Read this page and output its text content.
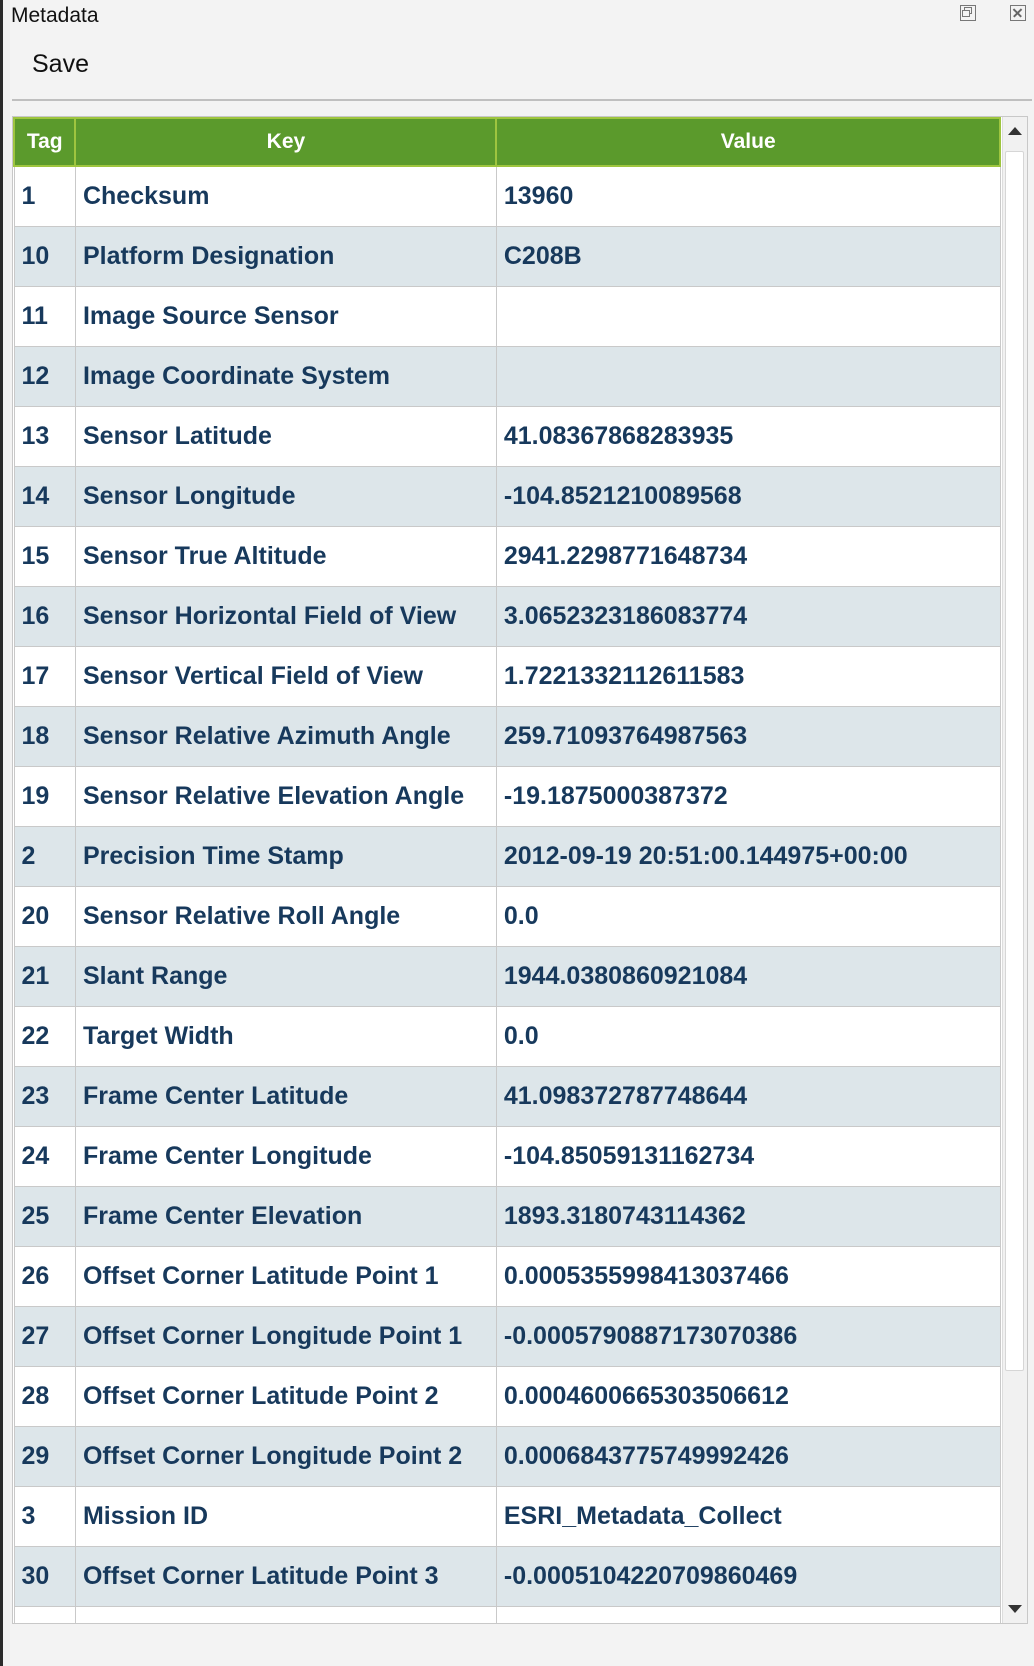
Metadata
Save
Tag	Key	Value
1	Checksum	13960
10	Platform Designation	C208B
11	Image Source Sensor	
12	Image Coordinate System	
13	Sensor Latitude	41.08367868283935
14	Sensor Longitude	-104.8521210089568
15	Sensor True Altitude	2941.2298771648734
16	Sensor Horizontal Field of View	3.0652323186083774
17	Sensor Vertical Field of View	1.7221332112611583
18	Sensor Relative Azimuth Angle	259.71093764987563
19	Sensor Relative Elevation Angle	-19.1875000387372
2	Precision Time Stamp	2012-09-19 20:51:00.144975+00:00
20	Sensor Relative Roll Angle	0.0
21	Slant Range	1944.0380860921084
22	Target Width	0.0
23	Frame Center Latitude	41.098372787748644
24	Frame Center Longitude	-104.85059131162734
25	Frame Center Elevation	1893.3180743114362
26	Offset Corner Latitude Point 1	0.0005355998413037466
27	Offset Corner Longitude Point 1	-0.0005790887173070386
28	Offset Corner Latitude Point 2	0.0004600665303506612
29	Offset Corner Longitude Point 2	0.0006843775749992426
3	Mission ID	ESRI_Metadata_Collect
30	Offset Corner Latitude Point 3	-0.0005104220709860469
